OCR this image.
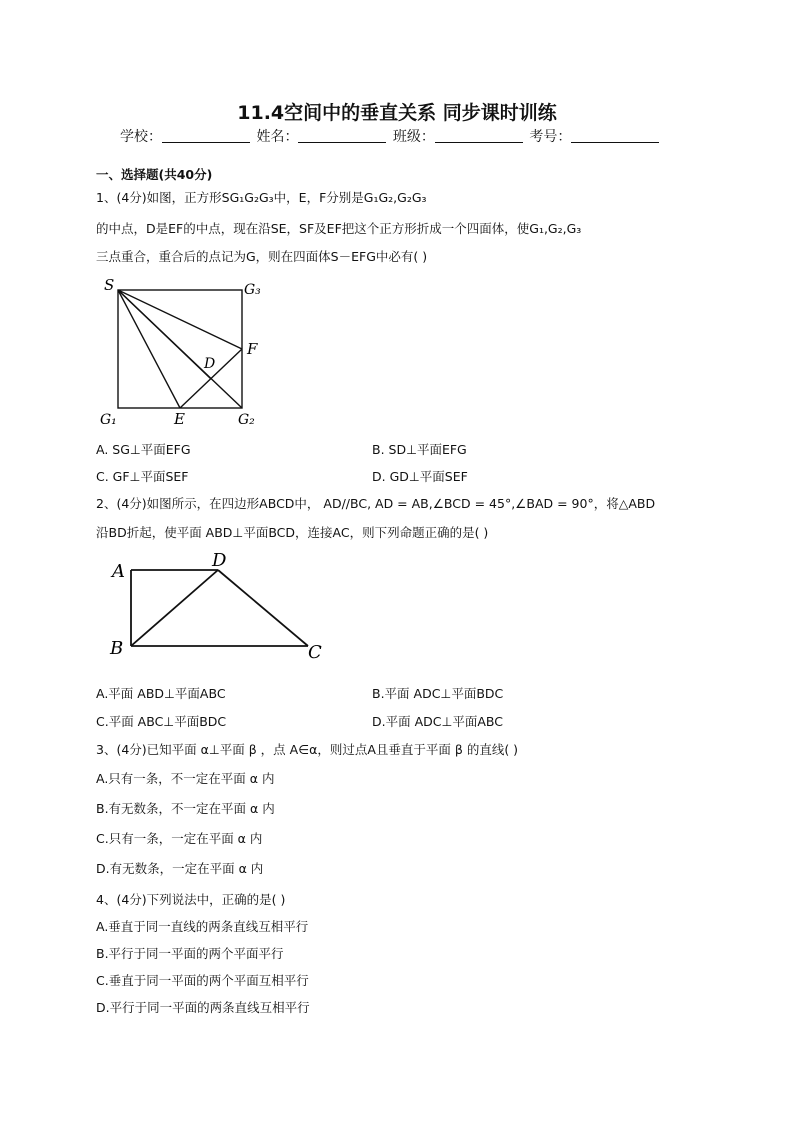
11.4空间中的垂直关系 同步课时训练
学校：	姓名：	班级：	考号：
一、选择题(共40分)
1、(4分)如图，正方形SG₁G₂G₃中，E，F分别是G₁G₂,G₂G₃
的中点，D是EF的中点，现在沿SE，SF及EF把这个正方形折成一个四面体，使G₁,G₂,G₃
三点重合，重合后的点记为G，则在四面体S－EFG中必有( )
S	G₃
F
D
G₁	E	G₂
A. SG⊥平面EFG	B. SD⊥平面EFG
C. GF⊥平面SEF	D. GD⊥平面SEF
2、(4分)如图所示，在四边形ABCD中， AD//BC, AD = AB,∠BCD = 45°,∠BAD = 90°，将△ABD
沿BD折起，使平面 ABD⊥平面BCD，连接AC，则下列命题正确的是( )
A
D
B	C
A.平面 ABD⊥平面ABC	B.平面 ADC⊥平面BDC
C.平面 ABC⊥平面BDC	D.平面 ADC⊥平面ABC
3、(4分)已知平面 α⊥平面 β ，点 A∈α，则过点A且垂直于平面 β 的直线( )
A.只有一条，不一定在平面 α 内
B.有无数条，不一定在平面 α 内
C.只有一条，一定在平面 α 内
D.有无数条，一定在平面 α 内
4、(4分)下列说法中，正确的是( )
A.垂直于同一直线的两条直线互相平行
B.平行于同一平面的两个平面平行
C.垂直于同一平面的两个平面互相平行
D.平行于同一平面的两条直线互相平行
